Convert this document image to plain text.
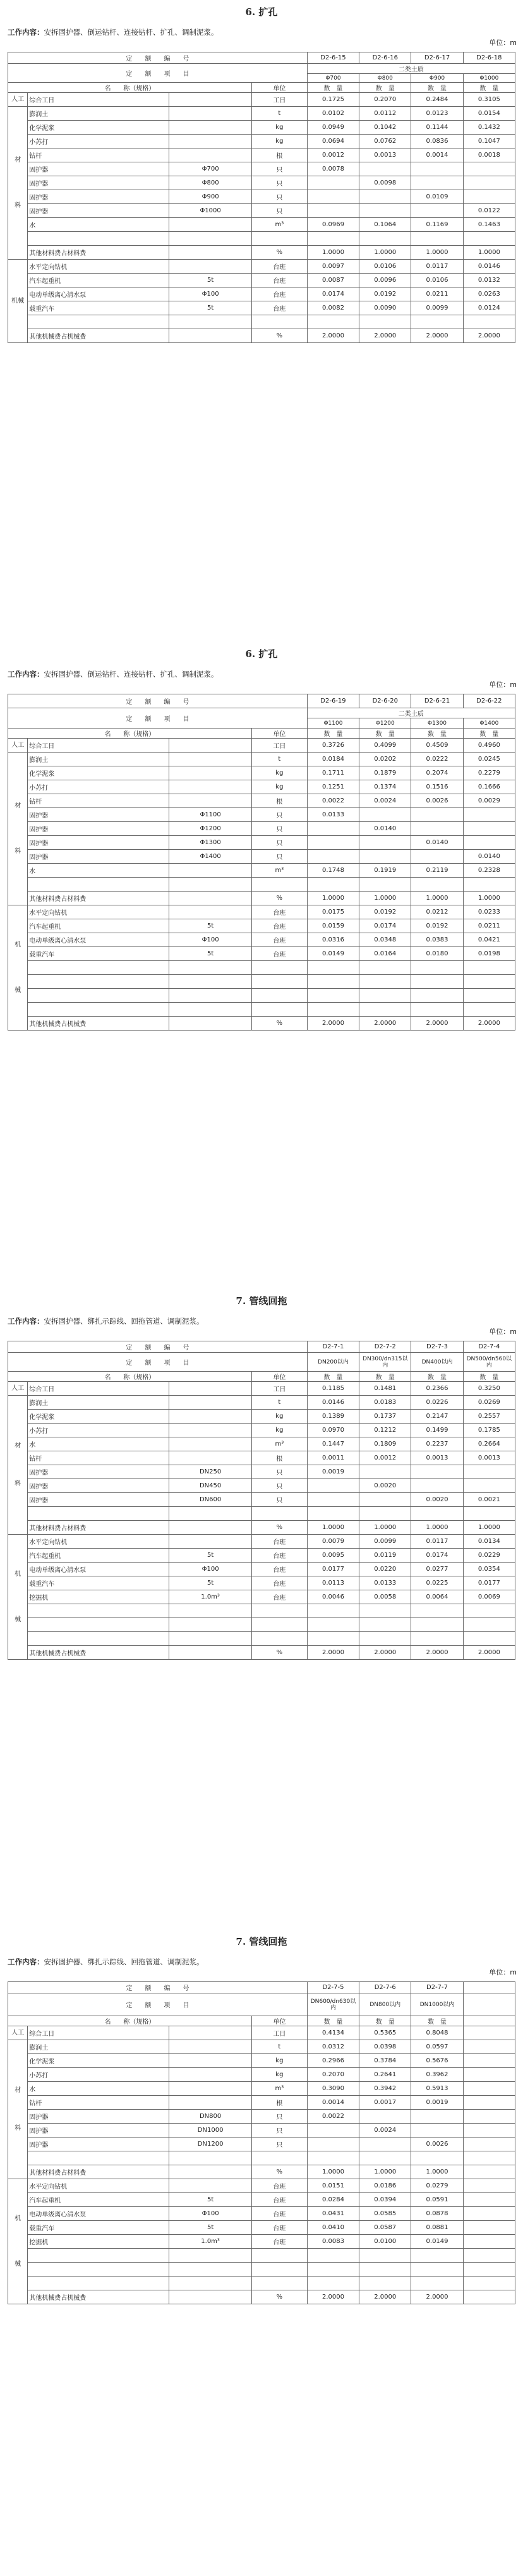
6. 扩孔
工作内容：安拆固护器、倒运钻杆、连接钻杆、扩孔、调制泥浆。
单位：m
定　　额　　编　　号				D2-6-15	D2-6-16	D2-6-17	D2-6-18
定　　额　　项　　目				二类土质			
				Φ700	Φ800	Φ900	Φ1000
名　　称（规格）			单位	数　量	数　量	数　量	数　量
人工	综合工日		工日	0.1725	0.2070	0.2484	0.3105
材

料	膨润土		t	0.0102	0.0112	0.0123	0.0154
	化学泥浆		kg	0.0949	0.1042	0.1144	0.1432
	小苏打		kg	0.0694	0.0762	0.0836	0.1047
	钻杆		根	0.0012	0.0013	0.0014	0.0018
	固护器	Φ700	只	0.0078			
	固护器	Φ800	只		0.0098		
	固护器	Φ900	只			0.0109	
	固护器	Φ1000	只				0.0122
	水		m³	0.0969	0.1064	0.1169	0.1463

	其他材料费占材料费		%	1.0000	1.0000	1.0000	1.0000
机械	水平定向钻机		台班	0.0097	0.0106	0.0117	0.0146
	汽车起重机	5t	台班	0.0087	0.0096	0.0106	0.0132
	电动单级离心清水泵	Φ100	台班	0.0174	0.0192	0.0211	0.0263
	载重汽车	5t	台班	0.0082	0.0090	0.0099	0.0124

	其他机械费占机械费		%	2.0000	2.0000	2.0000	2.0000
6. 扩孔
工作内容：安拆固护器、倒运钻杆、连接钻杆、扩孔、调制泥浆。
单位：m
定　　额　　编　　号				D2-6-19	D2-6-20	D2-6-21	D2-6-22
定　　额　　项　　目				二类土质			
				Φ1100	Φ1200	Φ1300	Φ1400
名　　称（规格）			单位	数　量	数　量	数　量	数　量
人工	综合工日		工日	0.3726	0.4099	0.4509	0.4960
材

料	膨润土		t	0.0184	0.0202	0.0222	0.0245
	化学泥浆		kg	0.1711	0.1879	0.2074	0.2279
	小苏打		kg	0.1251	0.1374	0.1516	0.1666
	钻杆		根	0.0022	0.0024	0.0026	0.0029
	固护器	Φ1100	只	0.0133			
	固护器	Φ1200	只		0.0140		
	固护器	Φ1300	只			0.0140	
	固护器	Φ1400	只				0.0140
	水		m³	0.1748	0.1919	0.2119	0.2328

	其他材料费占材料费		%	1.0000	1.0000	1.0000	1.0000
机

械	水平定向钻机		台班	0.0175	0.0192	0.0212	0.0233
	汽车起重机	5t	台班	0.0159	0.0174	0.0192	0.0211
	电动单级离心清水泵	Φ100	台班	0.0316	0.0348	0.0383	0.0421
	载重汽车	5t	台班	0.0149	0.0164	0.0180	0.0198

	其他机械费占机械费		%	2.0000	2.0000	2.0000	2.0000
7. 管线回拖
工作内容：安拆固护器、绑扎示踪线、回拖管道、调制泥浆。
单位：m
定　　额　　编　　号				D2-7-1	D2-7-2	D2-7-3	D2-7-4
定　　额　　项　　目				DN200以内	DN300/dn315以内	DN400以内	DN500/dn560以内
名　　称（规格）			单位	数　量	数　量	数　量	数　量
人工	综合工日		工日	0.1185	0.1481	0.2366	0.3250
材

料	膨润土		t	0.0146	0.0183	0.0226	0.0269
	化学泥浆		kg	0.1389	0.1737	0.2147	0.2557
	小苏打		kg	0.0970	0.1212	0.1499	0.1785
	水		m³	0.1447	0.1809	0.2237	0.2664
	钻杆		根	0.0011	0.0012	0.0013	0.0013
	固护器	DN250	只	0.0019			
	固护器	DN450	只		0.0020		
	固护器	DN600	只			0.0020	0.0021

	其他材料费占材料费		%	1.0000	1.0000	1.0000	1.0000
机

械	水平定向钻机		台班	0.0079	0.0099	0.0117	0.0134
	汽车起重机	5t	台班	0.0095	0.0119	0.0174	0.0229
	电动单级离心清水泵	Φ100	台班	0.0177	0.0220	0.0277	0.0354
	载重汽车	5t	台班	0.0113	0.0133	0.0225	0.0177
	挖掘机	1.0m³	台班	0.0046	0.0058	0.0064	0.0069

	其他机械费占机械费		%	2.0000	2.0000	2.0000	2.0000
7. 管线回拖
工作内容：安拆固护器、绑扎示踪线、回拖管道、调制泥浆。
单位：m
定　　额　　编　　号				D2-7-5	D2-7-6	D2-7-7	
定　　额　　项　　目				DN600/dn630以内	DN800以内	DN1000以内	
名　　称（规格）			单位	数　量	数　量	数　量	
人工	综合工日		工日	0.4134	0.5365	0.8048	
材

料	膨润土		t	0.0312	0.0398	0.0597	
	化学泥浆		kg	0.2966	0.3784	0.5676	
	小苏打		kg	0.2070	0.2641	0.3962	
	水		m³	0.3090	0.3942	0.5913	
	钻杆		根	0.0014	0.0017	0.0019	
	固护器	DN800	只	0.0022			
	固护器	DN1000	只		0.0024		
	固护器	DN1200	只			0.0026	

	其他材料费占材料费		%	1.0000	1.0000	1.0000	
机

械	水平定向钻机		台班	0.0151	0.0186	0.0279	
	汽车起重机	5t	台班	0.0284	0.0394	0.0591	
	电动单级离心清水泵	Φ100	台班	0.0431	0.0585	0.0878	
	载重汽车	5t	台班	0.0410	0.0587	0.0881	
	挖掘机	1.0m³	台班	0.0083	0.0100	0.0149	

	其他机械费占机械费		%	2.0000	2.0000	2.0000	
